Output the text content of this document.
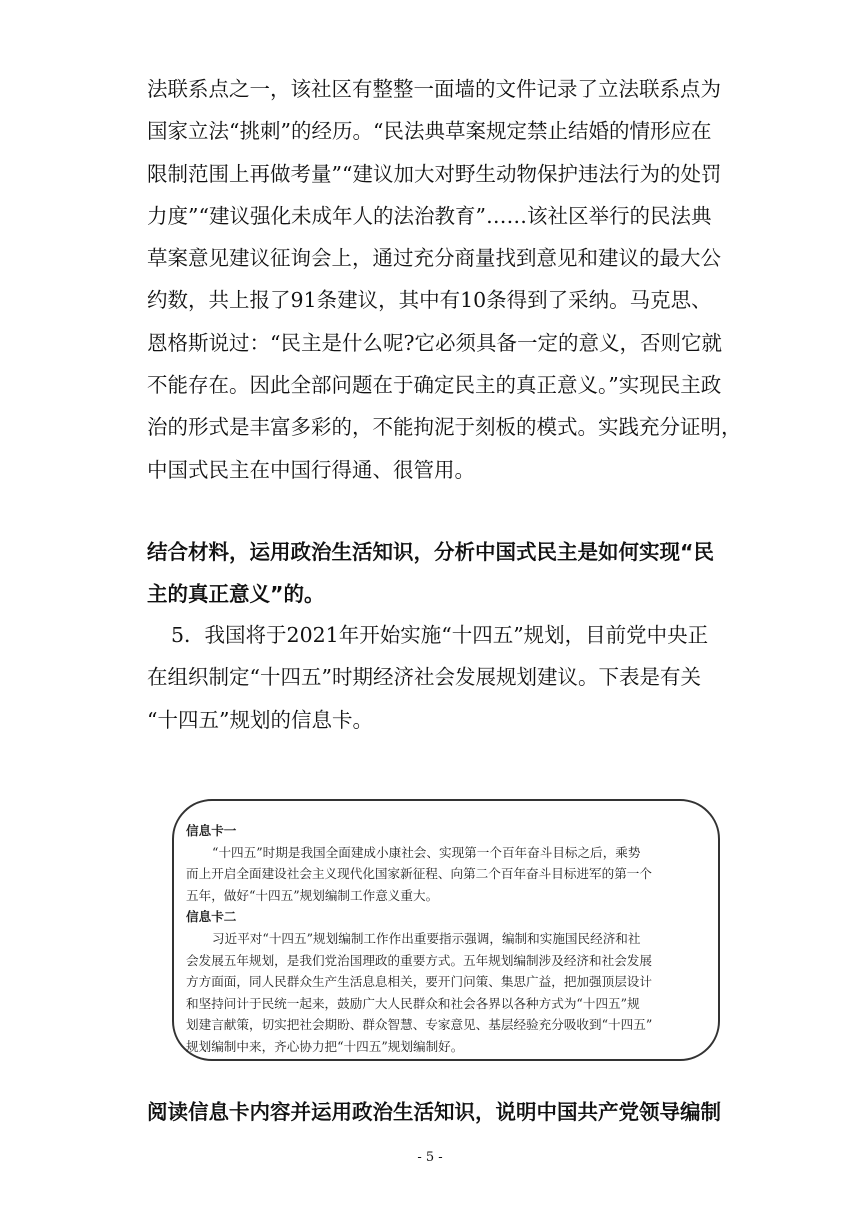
法联系点之一，该社区有整整一面墙的文件记录了立法联系点为
国家立法“挑刺”的经历。“民法典草案规定禁止结婚的情形应在
限制范围上再做考量”“建议加大对野生动物保护违法行为的处罚
力度”“建议强化未成年人的法治教育”……该社区举行的民法典
草案意见建议征询会上，通过充分商量找到意见和建议的最大公
约数，共上报了91条建议，其中有10条得到了采纳。马克思、
恩格斯说过：“民主是什么呢?它必须具备一定的意义，否则它就
不能存在。因此全部问题在于确定民主的真正意义。”实现民主政
治的形式是丰富多彩的，不能拘泥于刻板的模式。实践充分证明，
中国式民主在中国行得通、很管用。
结合材料，运用政治生活知识，分析中国式民主是如何实现“民
主的真正意义”的。
5．我国将于2021年开始实施“十四五”规划，目前党中央正
在组织制定“十四五”时期经济社会发展规划建议。下表是有关
“十四五”规划的信息卡。
信息卡一
“十四五”时期是我国全面建成小康社会、实现第一个百年奋斗目标之后，乘势
而上开启全面建设社会主义现代化国家新征程、向第二个百年奋斗目标进军的第一个
五年，做好“十四五”规划编制工作意义重大。
信息卡二
习近平对“十四五”规划编制工作作出重要指示强调，编制和实施国民经济和社
会发展五年规划，是我们党治国理政的重要方式。五年规划编制涉及经济和社会发展
方方面面，同人民群众生产生活息息相关，要开门问策、集思广益，把加强顶层设计
和坚持问计于民统一起来，鼓励广大人民群众和社会各界以各种方式为“十四五”规
划建言献策，切实把社会期盼、群众智慧、专家意见、基层经验充分吸收到“十四五”
规划编制中来，齐心协力把“十四五”规划编制好。
阅读信息卡内容并运用政治生活知识，说明中国共产党领导编制
- 5 -
